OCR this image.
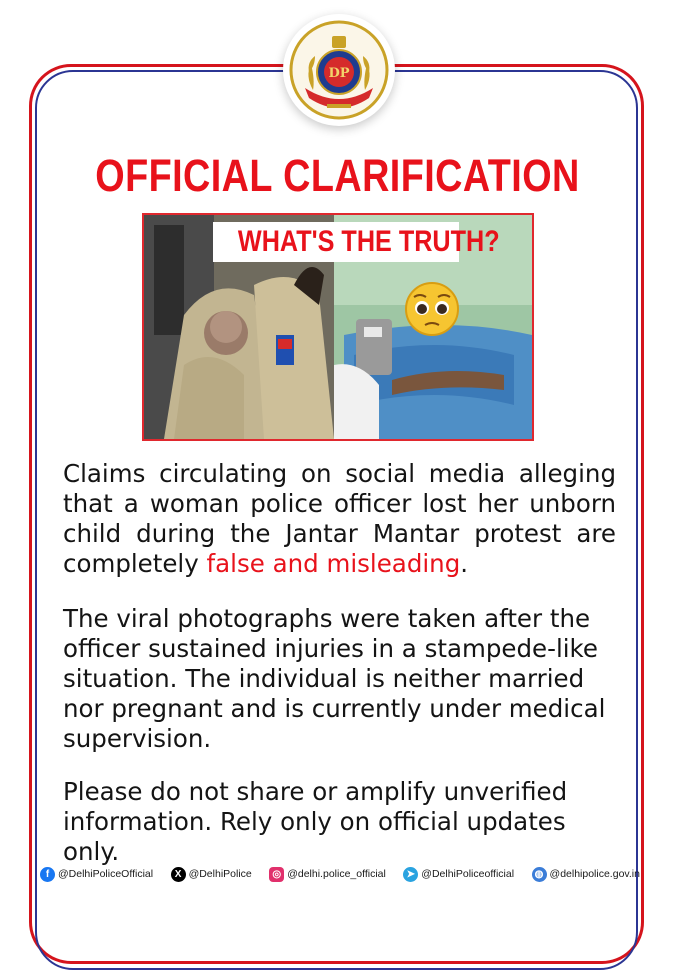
DP
OFFICIAL CLARIFICATION
WHAT'S THE TRUTH?
Claims circulating on social media alleging that a woman police officer lost her unborn child during the Jantar Mantar protest are completely false and misleading.
The viral photographs were taken after the officer sustained injuries in a stampede-like situation. The individual is neither married nor pregnant and is currently under medical supervision.
Please do not share or amplify unverified information. Rely only on official updates only.
f @DelhiPoliceOfficial	X @DelhiPolice	◎ @delhi.police_official	➤ @DelhiPoliceofficial	◍ @delhipolice.gov.in
